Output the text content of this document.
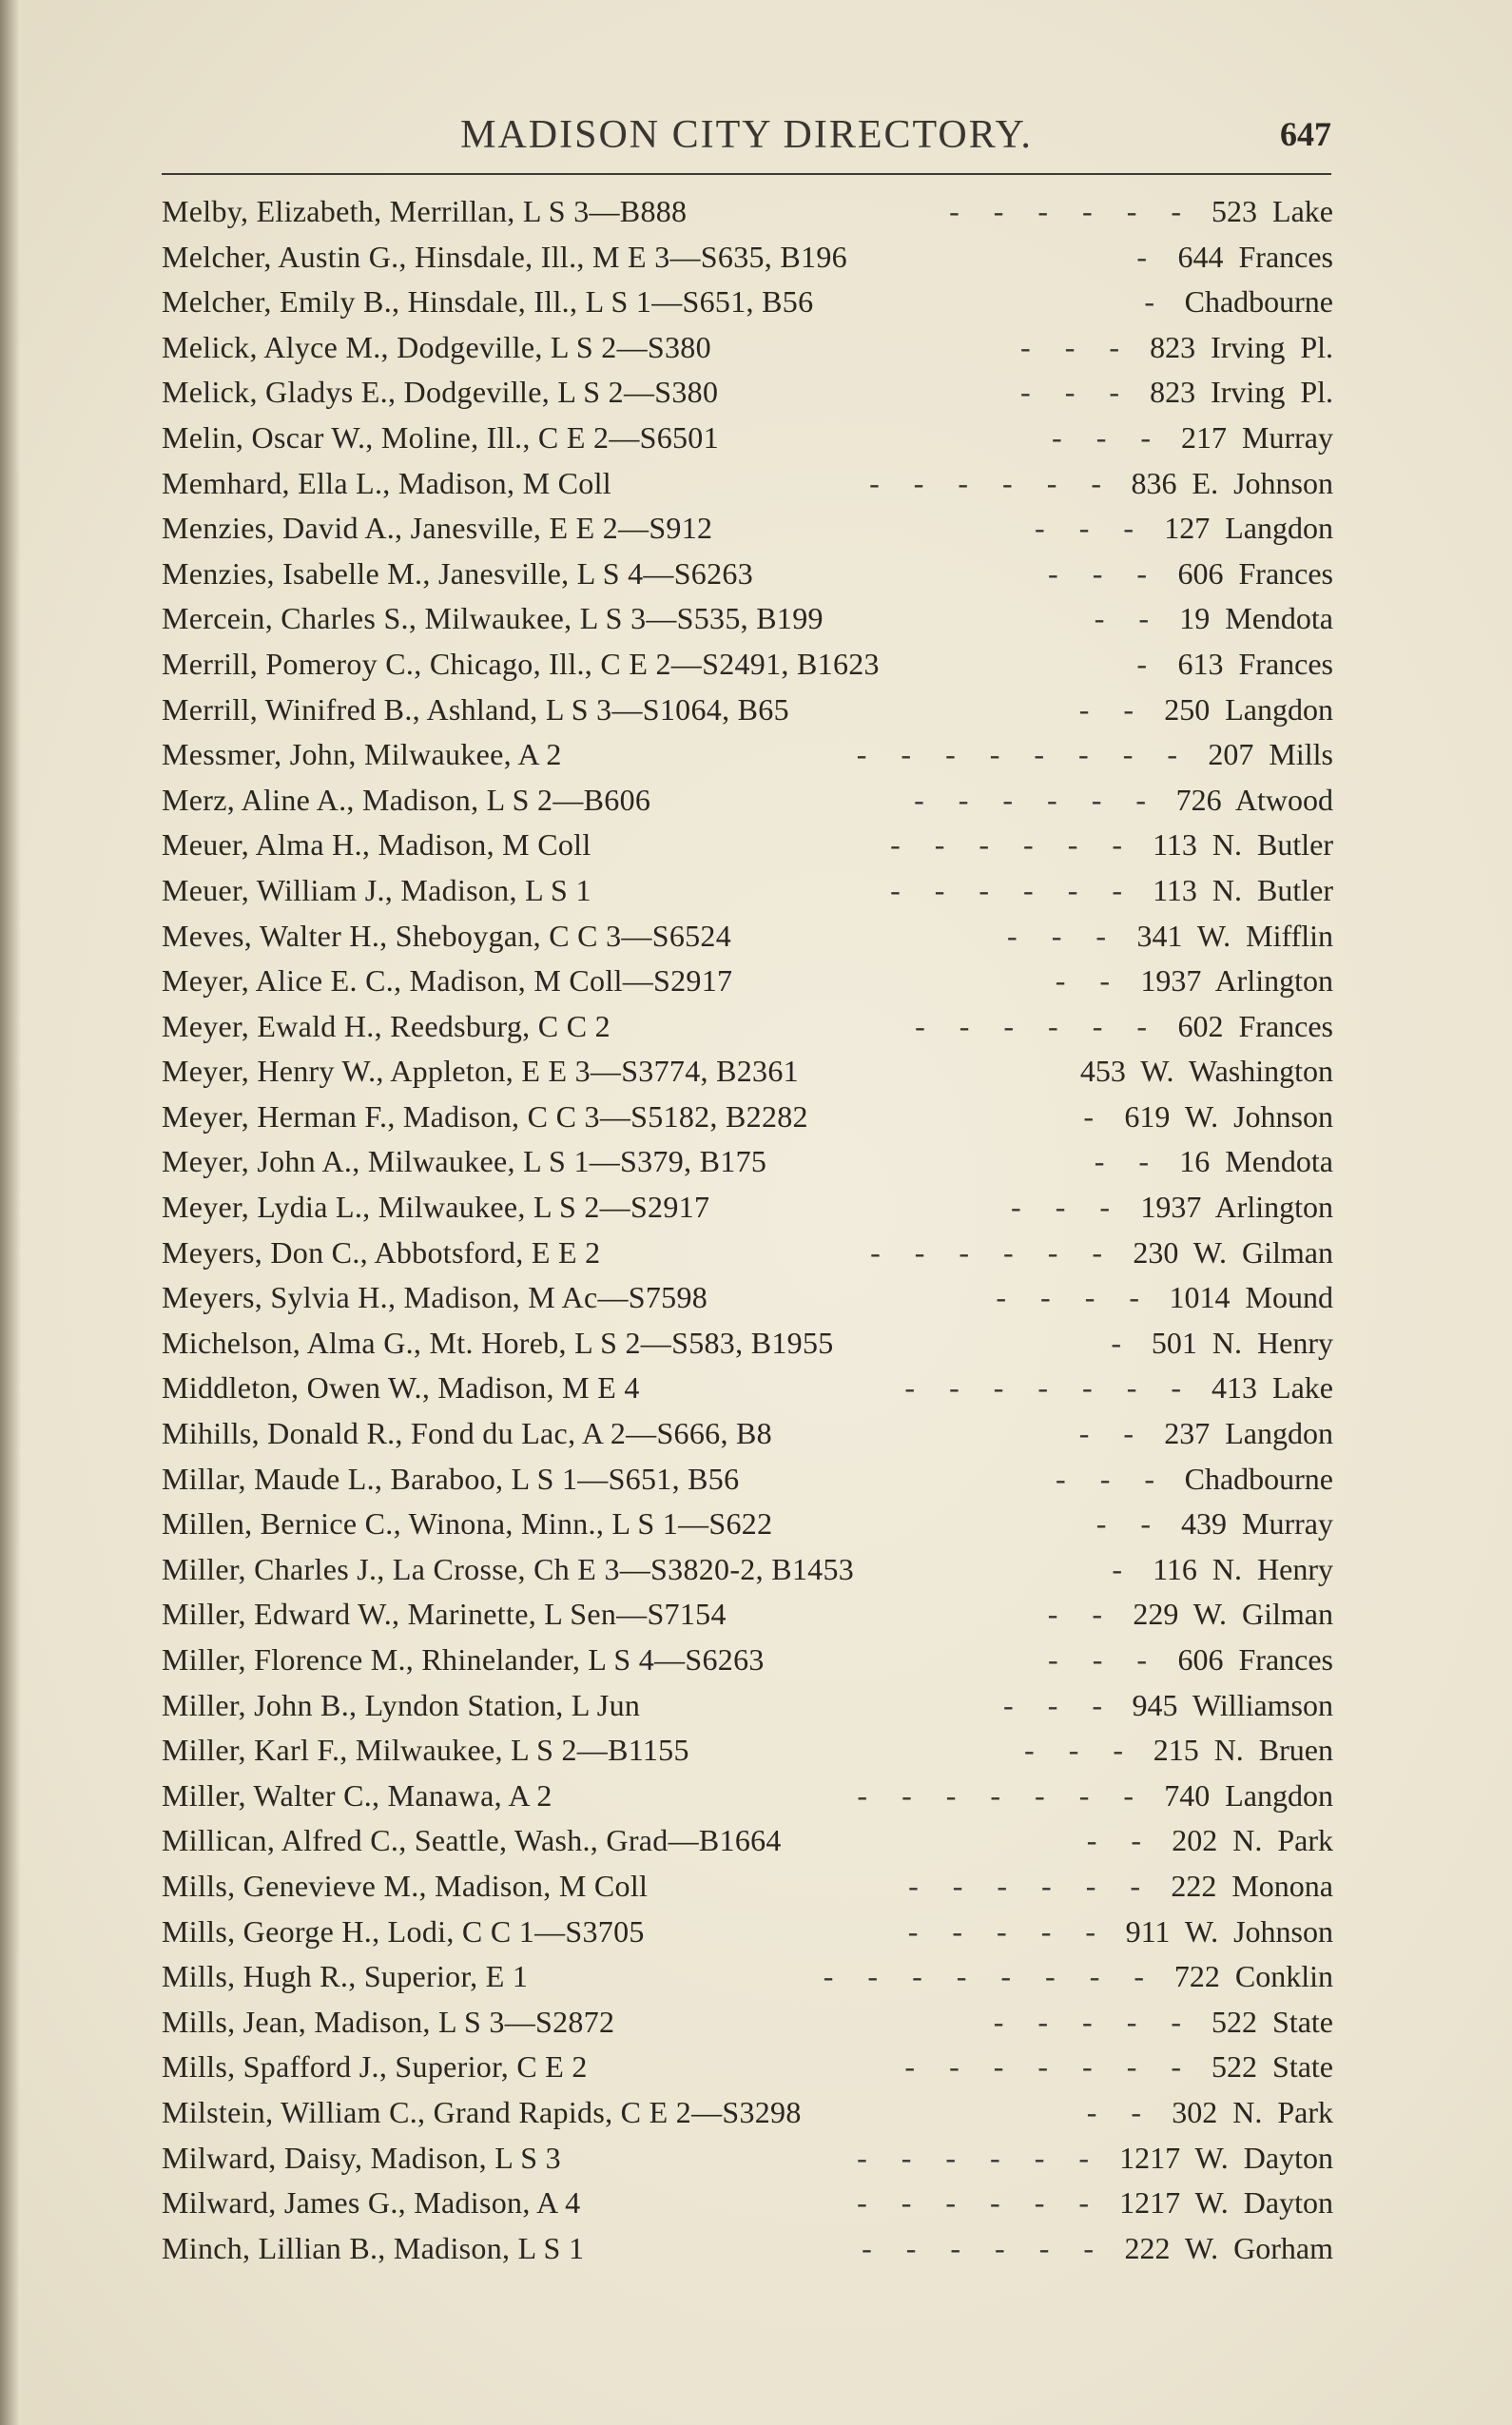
MADISON CITY DIRECTORY.	647
Melby, Elizabeth, Merrillan, L S 3—B888	- - - - - - 523 Lake
Melcher, Austin G., Hinsdale, Ill., M E 3—S635, B196	- 644 Frances
Melcher, Emily B., Hinsdale, Ill., L S 1—S651, B56	- Chadbourne
Melick, Alyce M., Dodgeville, L S 2—S380	- - - 823 Irving Pl.
Melick, Gladys E., Dodgeville, L S 2—S380	- - - 823 Irving Pl.
Melin, Oscar W., Moline, Ill., C E 2—S6501	- - - 217 Murray
Memhard, Ella L., Madison, M Coll	- - - - - - 836 E. Johnson
Menzies, David A., Janesville, E E 2—S912	- - - 127 Langdon
Menzies, Isabelle M., Janesville, L S 4—S6263	- - - 606 Frances
Mercein, Charles S., Milwaukee, L S 3—S535, B199	- - 19 Mendota
Merrill, Pomeroy C., Chicago, Ill., C E 2—S2491, B1623	- 613 Frances
Merrill, Winifred B., Ashland, L S 3—S1064, B65	- - 250 Langdon
Messmer, John, Milwaukee, A 2	- - - - - - - - 207 Mills
Merz, Aline A., Madison, L S 2—B606	- - - - - - 726 Atwood
Meuer, Alma H., Madison, M Coll	- - - - - - 113 N. Butler
Meuer, William J., Madison, L S 1	- - - - - - 113 N. Butler
Meves, Walter H., Sheboygan, C C 3—S6524	- - - 341 W. Mifflin
Meyer, Alice E. C., Madison, M Coll—S2917	- - 1937 Arlington
Meyer, Ewald H., Reedsburg, C C 2	- - - - - - 602 Frances
Meyer, Henry W., Appleton, E E 3—S3774, B2361	453 W. Washington
Meyer, Herman F., Madison, C C 3—S5182, B2282	- 619 W. Johnson
Meyer, John A., Milwaukee, L S 1—S379, B175	- - 16 Mendota
Meyer, Lydia L., Milwaukee, L S 2—S2917	- - - 1937 Arlington
Meyers, Don C., Abbotsford, E E 2	- - - - - - 230 W. Gilman
Meyers, Sylvia H., Madison, M Ac—S7598	- - - - 1014 Mound
Michelson, Alma G., Mt. Horeb, L S 2—S583, B1955	- 501 N. Henry
Middleton, Owen W., Madison, M E 4	- - - - - - - 413 Lake
Mihills, Donald R., Fond du Lac, A 2—S666, B8	- - 237 Langdon
Millar, Maude L., Baraboo, L S 1—S651, B56	- - - Chadbourne
Millen, Bernice C., Winona, Minn., L S 1—S622	- - 439 Murray
Miller, Charles J., La Crosse, Ch E 3—S3820-2, B1453	- 116 N. Henry
Miller, Edward W., Marinette, L Sen—S7154	- - 229 W. Gilman
Miller, Florence M., Rhinelander, L S 4—S6263	- - - 606 Frances
Miller, John B., Lyndon Station, L Jun	- - - 945 Williamson
Miller, Karl F., Milwaukee, L S 2—B1155	- - - 215 N. Bruen
Miller, Walter C., Manawa, A 2	- - - - - - - 740 Langdon
Millican, Alfred C., Seattle, Wash., Grad—B1664	- - 202 N. Park
Mills, Genevieve M., Madison, M Coll	- - - - - - 222 Monona
Mills, George H., Lodi, C C 1—S3705	- - - - - 911 W. Johnson
Mills, Hugh R., Superior, E 1	- - - - - - - - 722 Conklin
Mills, Jean, Madison, L S 3—S2872	- - - - - 522 State
Mills, Spafford J., Superior, C E 2	- - - - - - - 522 State
Milstein, William C., Grand Rapids, C E 2—S3298	- - 302 N. Park
Milward, Daisy, Madison, L S 3	- - - - - - 1217 W. Dayton
Milward, James G., Madison, A 4	- - - - - - 1217 W. Dayton
Minch, Lillian B., Madison, L S 1	- - - - - - 222 W. Gorham
